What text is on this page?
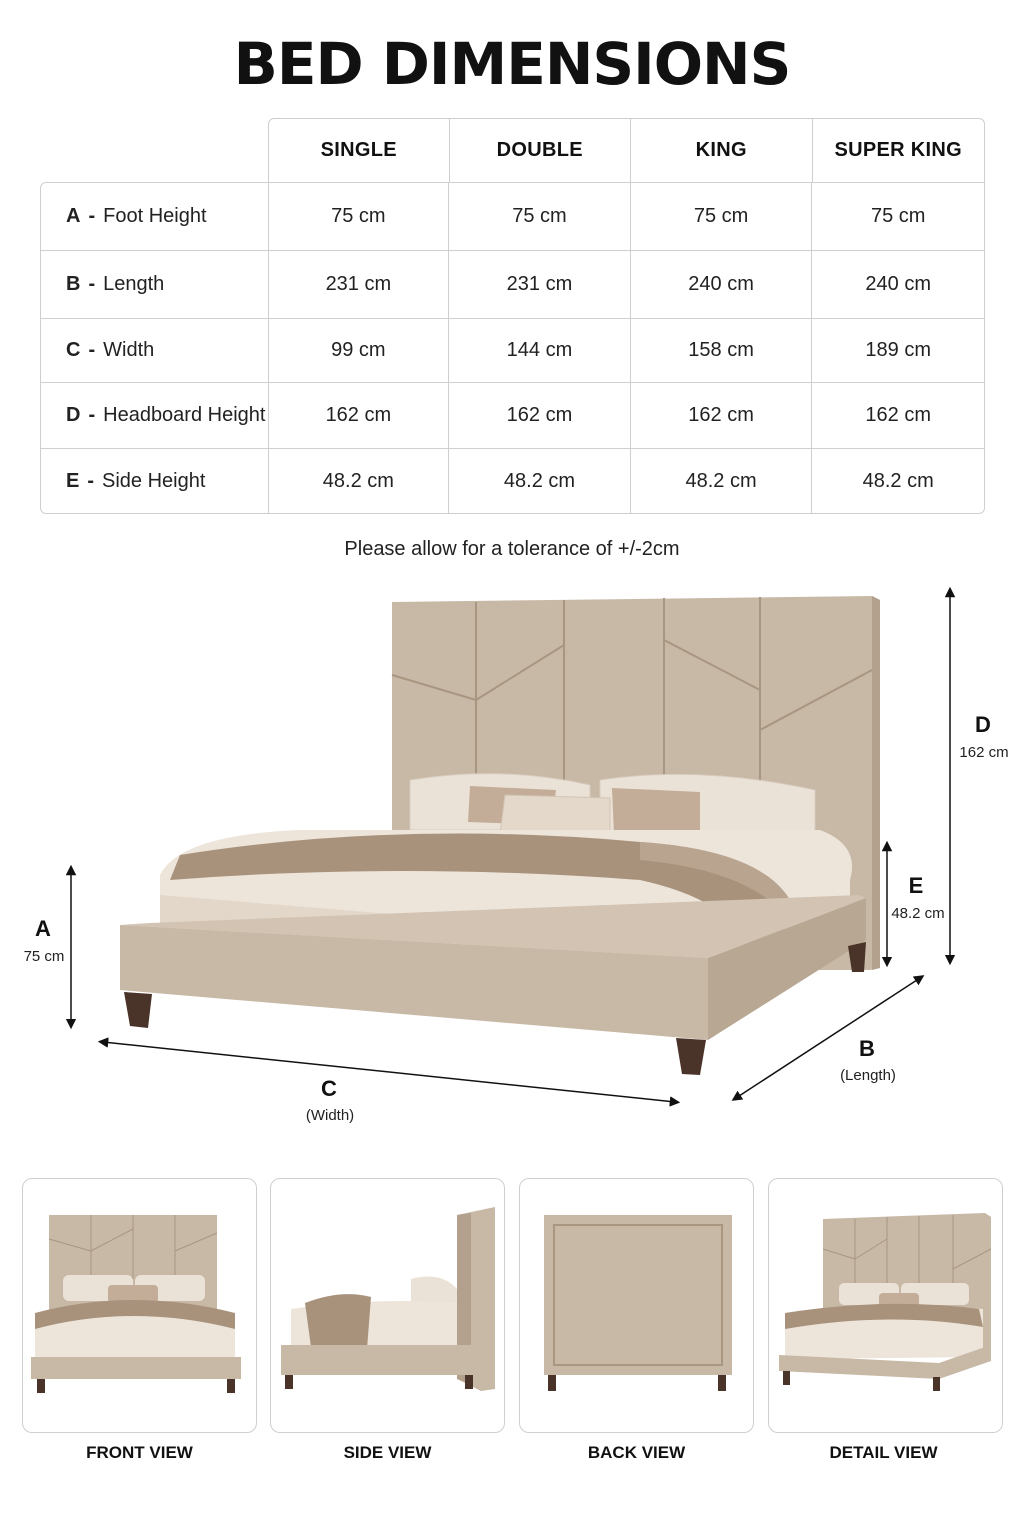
BED DIMENSIONS
SINGLE	DOUBLE	KING	SUPER KING
A - Foot Height	75 cm	75 cm	75 cm	75 cm
B - Length	231 cm	231 cm	240 cm	240 cm
C - Width	99 cm	144 cm	158 cm	189 cm
D - Headboard Height	162 cm	162 cm	162 cm	162 cm
E - Side Height	48.2 cm	48.2 cm	48.2 cm	48.2 cm
Please allow for a tolerance of +/-2cm
A
75 cm
B
(Length)
C
(Width)
D
162 cm
E
48.2 cm
FRONT VIEW	SIDE VIEW	BACK VIEW	DETAIL VIEW
